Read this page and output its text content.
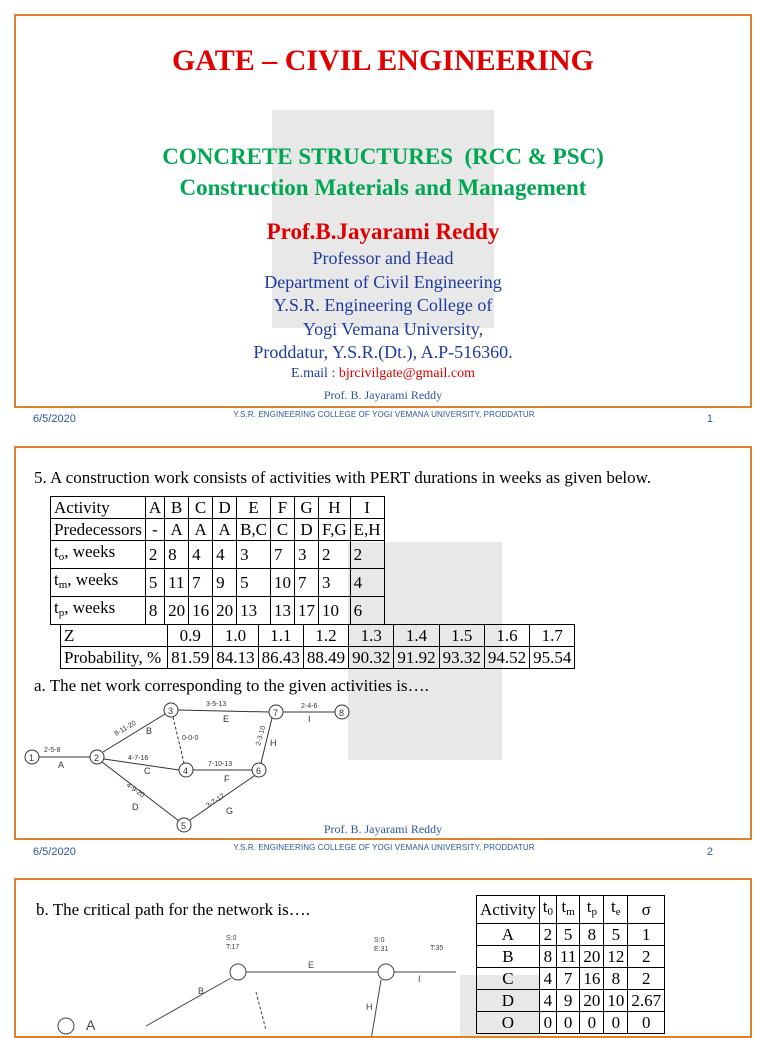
GATE – CIVIL ENGINEERING
CONCRETE STRUCTURES  (RCC & PSC)
Construction Materials and Management
Prof.B.Jayarami Reddy
Professor and Head
Department of Civil Engineering
Y.S.R. Engineering College of
Yogi Vemana University,
Proddatur, Y.S.R.(Dt.), A.P-516360.
E.mail : bjrcivilgate@gmail.com
Prof. B. Jayarami Reddy
6/5/2020	Y.S.R. ENGINEERING COLLEGE OF YOGI VEMANA UNIVERSITY, PRODDATUR	1
5. A construction work consists of activities with PERT durations in weeks as given below.
Activity	A	B	C	D	E	F	G	H	I
Predecessors	-	A	A	A	B,C	C	D	F,G	E,H
$t_o$, weeks	2	8	4	4	3	7	3	2	2
$t_m$, weeks	5	11	7	9	5	10	7	3	4
$t_p$, weeks	8	20	16	20	13	13	17	10	6
Z	0.9	1.0	1.1	1.2	1.3	1.4	1.5	1.6	1.7
Probability, %	81.59	84.13	86.43	88.49	90.32	91.92	93.32	94.52	95.54
a. The net work corresponding to the given activities is….
1	2
3
4
5
6
7	8
2-5-8
8-11-20
3-5-13	2-4-6
4-7-16
7-10-13
4-9-20
3-7-17
2-3-10
0-0-0
A
B
E	I
C
F
D	G
H
Prof. B. Jayarami Reddy
6/5/2020	Y.S.R. ENGINEERING COLLEGE OF YOGI VEMANA UNIVERSITY, PRODDATUR	2
b. The critical path for the network is….
S:0
T:17
S:0
E:31	T:35
E
I
A
B
H
Activity	$t_0$	$t_m$	$t_p$	$t_e$	σ
A	2	5	8	5	1
B	8	11	20	12	2
C	4	7	16	8	2
D	4	9	20	10	2.67
O	0	0	0	0	0
